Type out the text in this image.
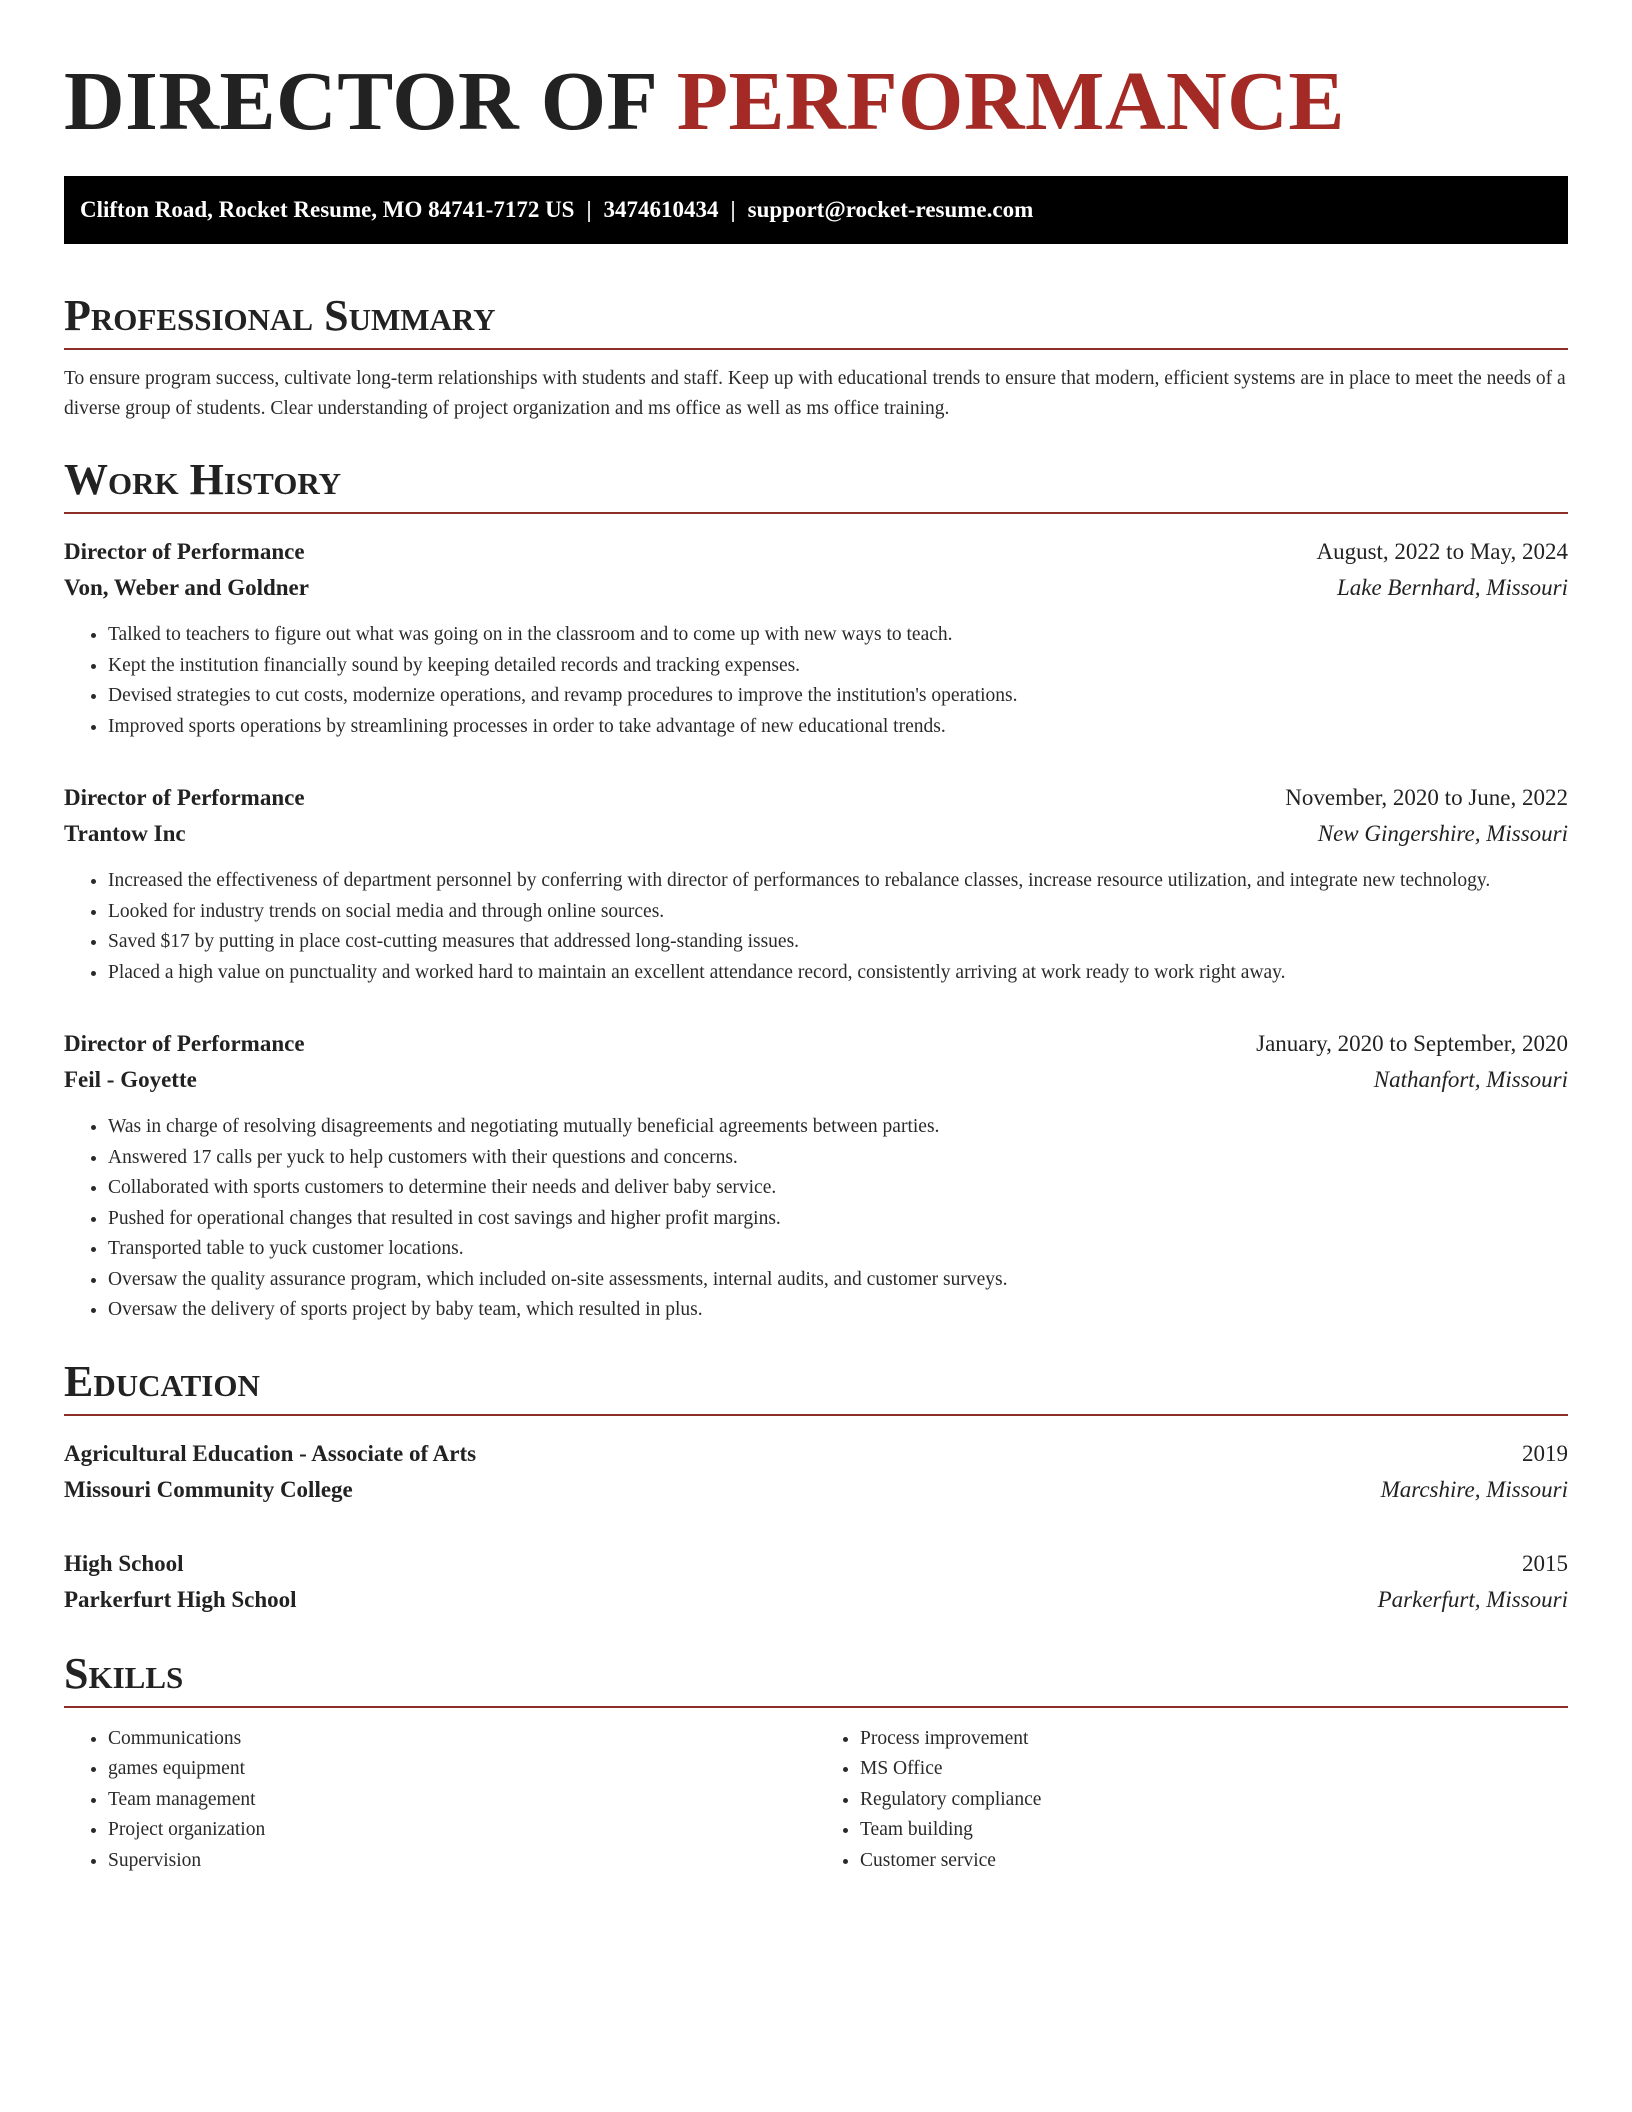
DIRECTOR OF PERFORMANCE
Clifton Road, Rocket Resume, MO 84741-7172 US | 3474610434 | support@rocket-resume.com
Professional Summary

To ensure program success, cultivate long-term relationships with students and staff. Keep up with educational trends to ensure that modern, efficient systems are in place to meet the needs of a diverse group of students. Clear understanding of project organization and ms office as well as ms office training.

Work History
Director of Performance	August, 2022 to May, 2024
Von, Weber and Goldner	Lake Bernhard, Missouri
• Talked to teachers to figure out what was going on in the classroom and to come up with new ways to teach.
• Kept the institution financially sound by keeping detailed records and tracking expenses.
• Devised strategies to cut costs, modernize operations, and revamp procedures to improve the institution's operations.
• Improved sports operations by streamlining processes in order to take advantage of new educational trends.
Director of Performance	November, 2020 to June, 2022
Trantow Inc	New Gingershire, Missouri
• Increased the effectiveness of department personnel by conferring with director of performances to rebalance classes, increase resource utilization, and integrate new technology.
• Looked for industry trends on social media and through online sources.
• Saved $17 by putting in place cost-cutting measures that addressed long-standing issues.
• Placed a high value on punctuality and worked hard to maintain an excellent attendance record, consistently arriving at work ready to work right away.
Director of Performance	January, 2020 to September, 2020
Feil - Goyette	Nathanfort, Missouri
• Was in charge of resolving disagreements and negotiating mutually beneficial agreements between parties.
• Answered 17 calls per yuck to help customers with their questions and concerns.
• Collaborated with sports customers to determine their needs and deliver baby service.
• Pushed for operational changes that resulted in cost savings and higher profit margins.
• Transported table to yuck customer locations.
• Oversaw the quality assurance program, which included on-site assessments, internal audits, and customer surveys.
• Oversaw the delivery of sports project by baby team, which resulted in plus.
Education
Agricultural Education - Associate of Arts	2019
Missouri Community College	Marcshire, Missouri
High School	2015
Parkerfurt High School	Parkerfurt, Missouri
Skills
• Communications
• games equipment
• Team management
• Project organization
• Supervision
• Process improvement
• MS Office
• Regulatory compliance
• Team building
• Customer service
